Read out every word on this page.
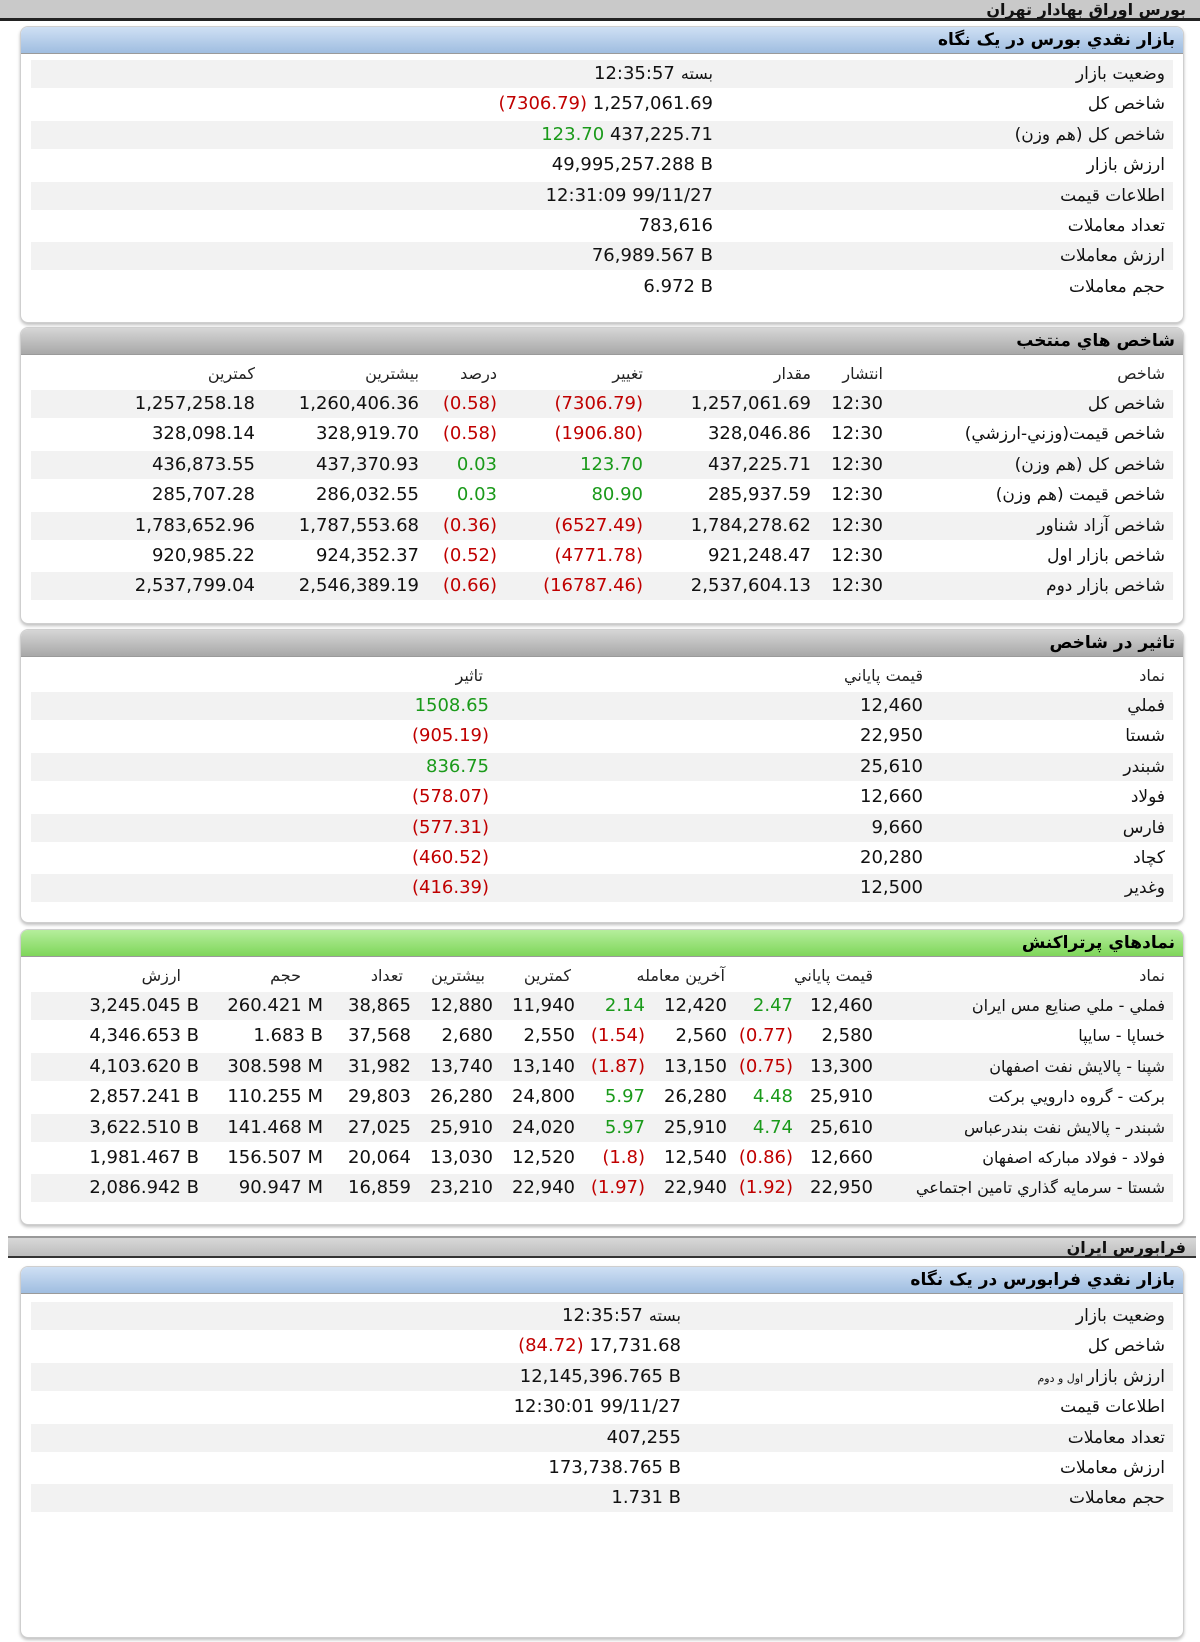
بورس اوراق بهادار تهران
بازار نقدي بورس در يک نگاه
وضعيت بازار
12:35:57 بسته
شاخص کل
(7306.79) 1,257,061.69
شاخص کل (هم وزن)
123.70 437,225.71
ارزش بازار
49,995,257.288 B
اطلاعات قيمت
12:31:09 99/11/27
تعداد معاملات
783,616
ارزش معاملات
76,989.567 B
حجم معاملات
6.972 B
شاخص هاي منتخب
شاخص
انتشار
مقدار
تغيير
درصد
بيشترين
کمترين
شاخص کل
12:30
1,257,061.69
(7306.79)
(0.58)
1,260,406.36
1,257,258.18
شاخص قيمت(وزني-ارزشي)
12:30
328,046.86
(1906.80)
(0.58)
328,919.70
328,098.14
شاخص کل (هم وزن)
12:30
437,225.71
123.70
0.03
437,370.93
436,873.55
شاخص قيمت (هم وزن)
12:30
285,937.59
80.90
0.03
286,032.55
285,707.28
شاخص آزاد شناور
12:30
1,784,278.62
(6527.49)
(0.36)
1,787,553.68
1,783,652.96
شاخص بازار اول
12:30
921,248.47
(4771.78)
(0.52)
924,352.37
920,985.22
شاخص بازار دوم
12:30
2,537,604.13
(16787.46)
(0.66)
2,546,389.19
2,537,799.04
تاثير در شاخص
نماد
قيمت پاياني
تاثير
فملي
12,460
1508.65
شستا
22,950
(905.19)
شبندر
25,610
836.75
فولاد
12,660
(578.07)
فارس
9,660
(577.31)
کچاد
20,280
(460.52)
وغدير
12,500
(416.39)
نمادهاي پرتراکنش
نماد
قيمت پاياني
آخرين معامله
کمترين
بيشترين
تعداد
حجم
ارزش
فملي - ملي صنايع مس ايران
12,460
2.47
12,420
2.14
11,940
12,880
38,865
260.421 M
3,245.045 B
خساپا - سايپا
2,580
(0.77)
2,560
(1.54)
2,550
2,680
37,568
1.683 B
4,346.653 B
شپنا - پالايش نفت اصفهان
13,300
(0.75)
13,150
(1.87)
13,140
13,740
31,982
308.598 M
4,103.620 B
برکت - گروه دارويي برکت
25,910
4.48
26,280
5.97
24,800
26,280
29,803
110.255 M
2,857.241 B
شبندر - پالايش نفت بندرعباس
25,610
4.74
25,910
5.97
24,020
25,910
27,025
141.468 M
3,622.510 B
فولاد - فولاد مبارکه اصفهان
12,660
(0.86)
12,540
(1.8)
12,520
13,030
20,064
156.507 M
1,981.467 B
شستا - سرمايه گذاري تامين اجتماعي
22,950
(1.92)
22,940
(1.97)
22,940
23,210
16,859
90.947 M
2,086.942 B
فرابورس ايران
بازار نقدي فرابورس در يک نگاه
وضعيت بازار
12:35:57 بسته
شاخص کل
(84.72) 17,731.68
ارزش بازار اول و دوم
12,145,396.765 B
اطلاعات قيمت
12:30:01 99/11/27
تعداد معاملات
407,255
ارزش معاملات
173,738.765 B
حجم معاملات
1.731 B
